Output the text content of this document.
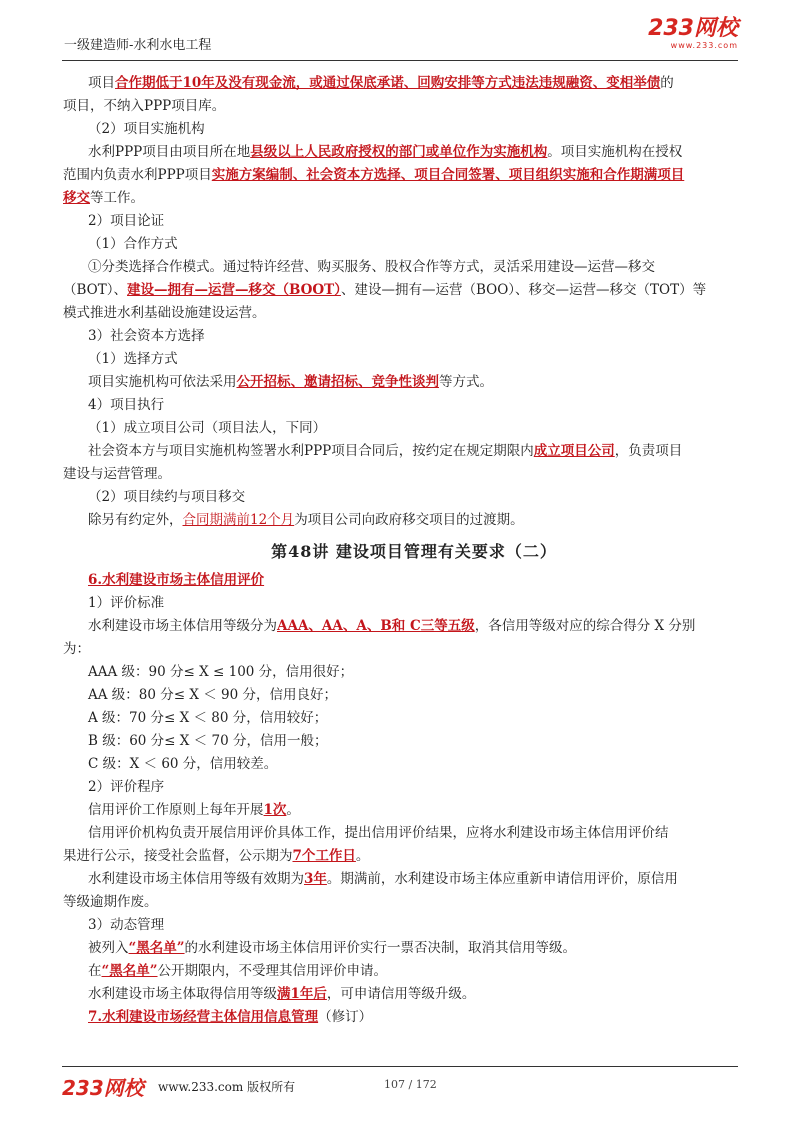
一级建造师-水利水电工程
233网校
www.233.com

项目合作期低于10年及没有现金流，或通过保底承诺、回购安排等方式违法违规融资、变相举债的

项目，不纳入PPP项目库。

（2）项目实施机构

水利PPP项目由项目所在地县级以上人民政府授权的部门或单位作为实施机构。项目实施机构在授权

范围内负责水利PPP项目实施方案编制、社会资本方选择、项目合同签署、项目组织实施和合作期满项目

移交等工作。

2）项目论证

（1）合作方式

①分类选择合作模式。通过特许经营、购买服务、股权合作等方式，灵活采用建设—运营—移交

（BOT）、建设—拥有—运营—移交（BOOT）、建设—拥有—运营（BOO）、移交—运营—移交（TOT）等

模式推进水利基础设施建设运营。

3）社会资本方选择

（1）选择方式

项目实施机构可依法采用公开招标、邀请招标、竞争性谈判等方式。

4）项目执行

（1）成立项目公司（项目法人，下同）

社会资本方与项目实施机构签署水利PPP项目合同后，按约定在规定期限内成立项目公司，负责项目

建设与运营管理。

（2）项目续约与项目移交

除另有约定外，合同期满前12个月为项目公司向政府移交项目的过渡期。

第48讲 建设项目管理有关要求（二）

6.水利建设市场主体信用评价

1）评价标准

水利建设市场主体信用等级分为AAA、AA、A、B和 C三等五级，各信用等级对应的综合得分 X 分别

为：

AAA 级：90 分≤ X ≤ 100 分，信用很好；

AA 级：80 分≤ X ＜ 90 分，信用良好；

A 级：70 分≤ X ＜ 80 分，信用较好；

B 级：60 分≤ X ＜ 70 分，信用一般；

C 级：X ＜ 60 分，信用较差。

2）评价程序

信用评价工作原则上每年开展1次。

信用评价机构负责开展信用评价具体工作，提出信用评价结果，应将水利建设市场主体信用评价结

果进行公示，接受社会监督，公示期为7个工作日。

水利建设市场主体信用等级有效期为3年。期满前，水利建设市场主体应重新申请信用评价，原信用

等级逾期作废。

3）动态管理

被列入“黑名单”的水利建设市场主体信用评价实行一票否决制，取消其信用等级。

在“黑名单”公开期限内，不受理其信用评价申请。

水利建设市场主体取得信用等级满1年后，可申请信用等级升级。

7.水利建设市场经营主体信用信息管理（修订）

233网校 www.233.com 版权所有	107 / 172
